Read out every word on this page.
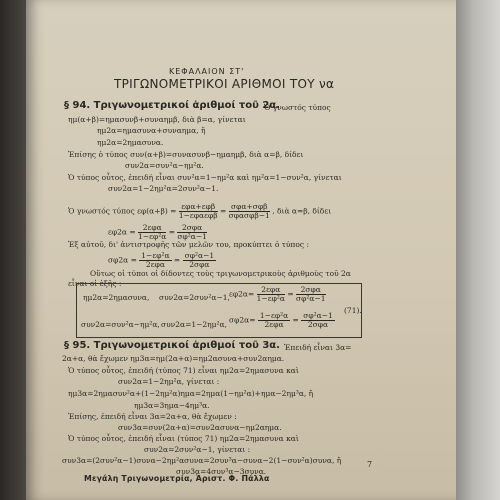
ΚΕΦΑΛΑΙΟΝ ΣΤ'
ΤΡΙΓΩΝΟΜΕΤΡΙΚΟΙ ΑΡΙΘΜΟΙ ΤΟΥ να
§ 94. Τριγωνομετρικοί ἀριθμοί τοῦ 2α.
Ὁ γνωστός τύπος
ημ(α+β)=ημασυνβ+συναημβ, διὰ β=α, γίνεται
ημ2α=ημασυνα+συναημα, ἤ
ημ2α=2ημασυνα.
Ἐπίσης ὁ τύπος συν(α+β)=συνασυνβ−ημαημβ, διὰ α=β, δίδει
συν2α=συν²α−ημ²α.
Ὁ τύπος οὗτος, ἐπειδή εἶναι συν²α=1−ημ²α καὶ ημ²α=1−συν²α, γίνεται
συν2α=1−2ημ²α=2συν²α−1.
Ὁ γνωστός τύπος $\varepsilon\varphi(\alpha+\beta) = \frac{\text{εφα+εφβ}}{\text{1−εφαεφβ}} = \frac{\text{σφα+σφβ}}{\text{σφασφβ−1}}$ , διὰ α=β, δίδει
$\varepsilon\varphi 2\alpha = \frac{\text{2εφα}}{\text{1−εφ²α}} = \frac{\text{2σφα}}{\text{σφ²α−1}}$
Ἐξ αὐτοῦ, δι' ἀντιστροφῆς τῶν μελῶν του, προκύπτει ὁ τύπος :
$\sigma\varphi 2\alpha = \frac{\text{1−εφ²α}}{\text{2εφα}} = \frac{\text{σφ²α−1}}{\text{2σφα}}$
Οὕτως οἱ τύποι οἱ δίδοντες τοὺς τριγωνομετρικοὺς ἀριθμοὺς τοῦ 2α
εἶναι οἱ ἑξῆς :
ημ2α=2ημασυνα, συν2α=2συν²α−1, $\varepsilon\varphi 2\alpha= \frac{\text{2εφα}}{\text{1−εφ²α}} = \frac{\text{2σφα}}{\text{σφ²α−1}}$
συν2α=συν²α−ημ²α, συν2α=1−2ημ²α, $\sigma\varphi 2\alpha= \frac{\text{1−εφ²α}}{\text{2εφα}} = \frac{\text{σφ²α−1}}{\text{2σφα}}$
(71).
§ 95. Τριγωνομετρικοί ἀριθμοί τοῦ 3α. Ἐπειδή εἶναι 3α=
2α+α, θὰ ἔχωμεν ημ3α=ημ(2α+α)=ημ2ασυνα+συν2αημα.
Ὁ τύπος οὗτος, ἐπειδή (τύπος 71) εἶναι ημ2α=2ημασυνα καὶ
συν2α=1−2ημ²α, γίνεται :
ημ3α=2ημασυν²α+(1−2ημ²α)ημα=2ημα(1−ημ²α)+ημα−2ημ³α, ἤ
ημ3α=3ημα−4ημ³α.
Ἐπίσης, ἐπειδή εἶναι 3α=2α+α, θὰ ἔχωμεν :
συν3α=συν(2α+α)=συν2ασυνα−ημ2αημα.
Ὁ τύπος οὗτος, ἐπειδή εἶναι (τύπος 71) ημ2α=2ημασυνα καὶ
συν2α=2συν²α−1, γίνεται :
συν3α=(2συν²α−1)συνα−2ημ²ασυνα=2συν³α−συνα−2(1−συν²α)συνα, ἤ
συν3α=4συν³α−3συνα.
7
Μεγάλη Τριγωνομετρία, Ἀριστ. Φ. Πάλλα
